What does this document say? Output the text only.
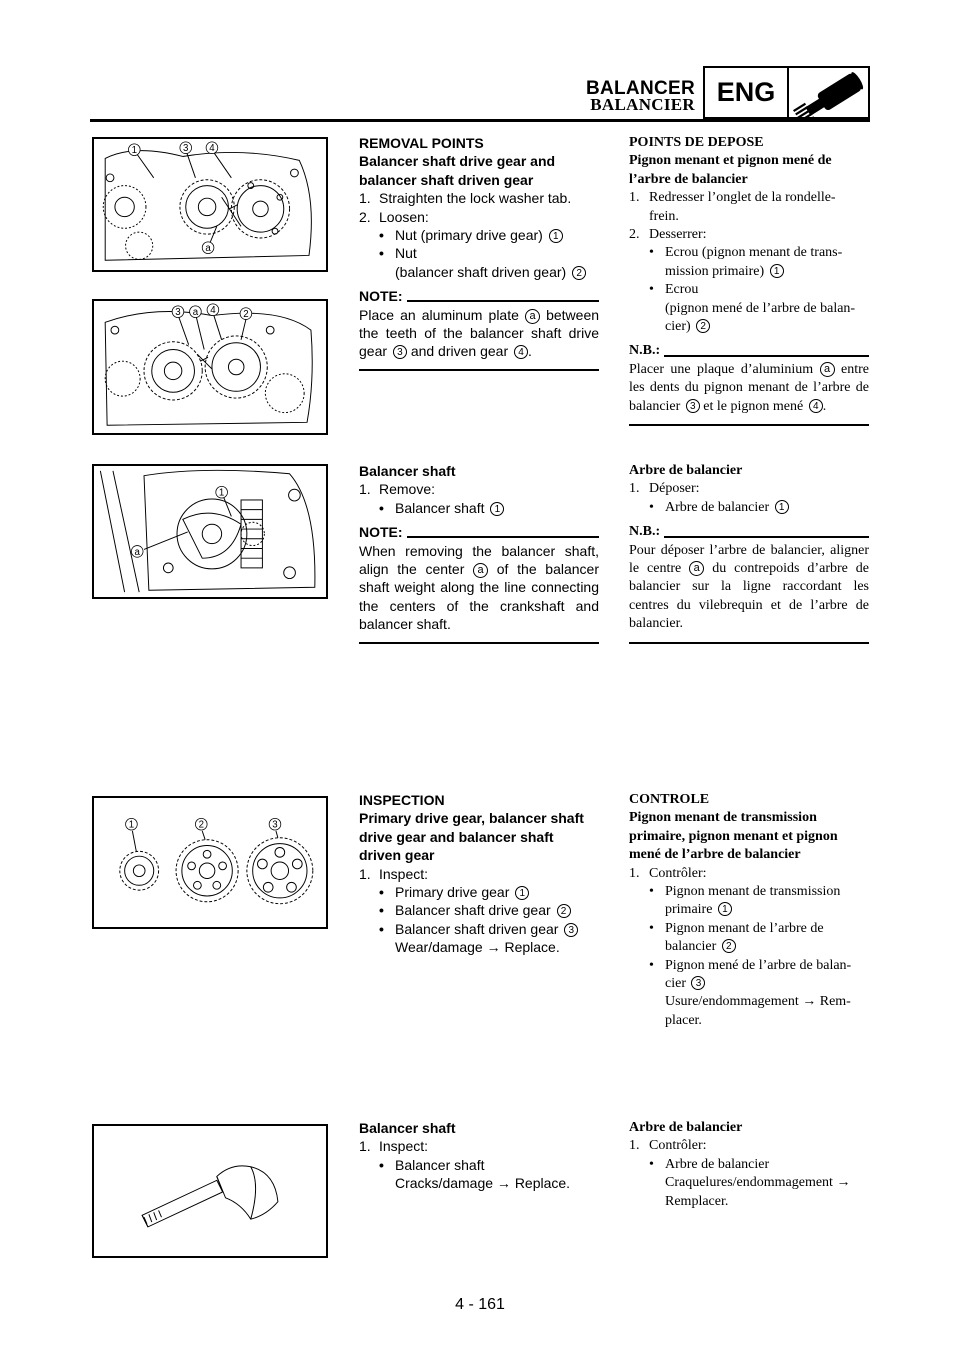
BALANCER
BALANCIER ENG
1	3 4
a
3 a 4	2
1
a
1	2	3
REMOVAL POINTS
Balancer shaft drive gear and
balancer shaft driven gear
1. Straighten the lock washer tab.
2. Loosen:
• Nut (primary drive gear) 1
• Nut
(balancer shaft driven gear) 2
NOTE:
Place an aluminum plate a between the teeth of the balancer shaft drive gear 3 and driven gear 4 .
POINTS DE DEPOSE
Pignon menant et pignon mené de
l’arbre de balancier
1. Redresser l’onglet de la rondelle-
frein.
2. Desserrer:
• Ecrou (pignon menant de trans-
mission primaire) 1
• Ecrou
(pignon mené de l’arbre de balan-
cier) 2
N.B.:
Placer une plaque d’aluminium a entre les dents du pignon menant de l’arbre de balancier 3 et le pignon mené 4 .
Balancer shaft
1. Remove:
• Balancer shaft 1
NOTE:
When removing the balancer shaft, align the center a of the balancer shaft weight along the line connecting the centers of the crankshaft and balancer shaft.
Arbre de balancier
1. Déposer:
• Arbre de balancier 1
N.B.:
Pour déposer l’arbre de balancier, aligner le centre a du contrepoids d’arbre de balancier sur la ligne raccordant les centres du vilebrequin et de l’arbre de balancier.
INSPECTION
Primary drive gear, balancer shaft
drive gear and balancer shaft
driven gear
1. Inspect:
• Primary drive gear 1
• Balancer shaft drive gear 2
• Balancer shaft driven gear 3
Wear/damage → Replace.
CONTROLE
Pignon menant de transmission
primaire, pignon menant et pignon
mené de l’arbre de balancier
1. Contrôler:
• Pignon menant de transmission
primaire 1
• Pignon menant de l’arbre de
balancier 2
• Pignon mené de l’arbre de balan-
cier 3
Usure/endommagement → Rem-
placer.
Balancer shaft
1. Inspect:
• Balancer shaft
Cracks/damage → Replace.
Arbre de balancier
1. Contrôler:
• Arbre de balancier
Craquelures/endommagement →
Remplacer.
4 - 161
